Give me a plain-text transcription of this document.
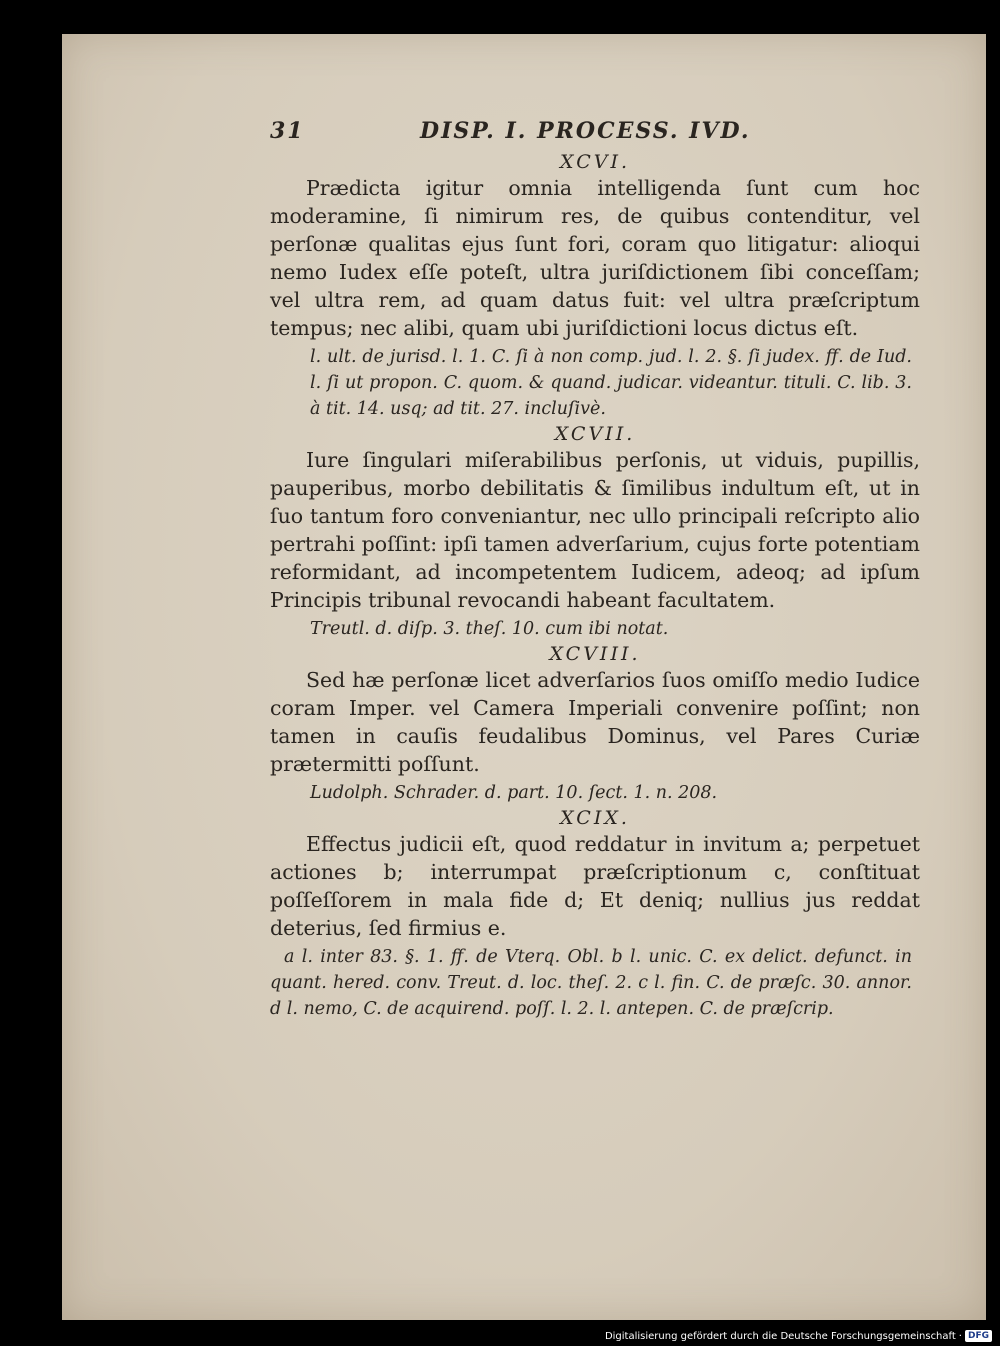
31	DISP. I. PROCESS. IVD.
XCVI.

Prædicta igitur omnia intelligenda ſunt cum hoc moderamine, ſi nimirum res, de quibus contenditur, vel perſonæ qualitas ejus ſunt fori, coram quo litigatur: alioqui nemo Iudex eſſe poteſt, ultra juriſdictionem ſibi conceſſam; vel ultra rem, ad quam datus fuit: vel ultra præſcriptum tempus; nec alibi, quam ubi juriſdictioni locus dictus eſt.

l. ult. de jurisd. l. 1. C. ſi à non comp. jud. l. 2. §. ſi judex. ff. de Iud. l. ſi ut propon. C. quom. & quand. judicar. videantur. tituli. C. lib. 3. à tit. 14. usq; ad tit. 27. incluſivè.

XCVII.

Iure ſingulari miſerabilibus perſonis, ut viduis, pupillis, pauperibus, morbo debilitatis & ſimilibus indultum eſt, ut in ſuo tantum foro conveniantur, nec ullo principali reſcripto alio pertrahi poſſint: ipſi tamen adverſarium, cujus forte potentiam reformidant, ad incompetentem Iudicem, adeoq; ad ipſum Principis tribunal revocandi habeant facultatem.

Treutl. d. diſp. 3. theſ. 10. cum ibi notat.

XCVIII.

Sed hæ perſonæ licet adverſarios ſuos omiſſo medio Iudice coram Imper. vel Camera Imperiali convenire poſſint; non tamen in cauſis feudalibus Dominus, vel Pares Curiæ prætermitti poſſunt.

Ludolph. Schrader. d. part. 10. ſect. 1. n. 208.

XCIX.

Effectus judicii eſt, quod reddatur in invitum a; perpetuet actiones b; interrumpat præſcriptionum c, conſtituat poſſeſſorem in mala fide d; Et deniq; nullius jus reddat deterius, ſed firmius e.

a l. inter 83. §. 1. ff. de Vterq. Obl. b l. unic. C. ex delict. defunct. in quant. hered. conv. Treut. d. loc. theſ. 2. c l. fin. C. de præſc. 30. annor. d l. nemo, C. de acquirend. poſſ. l. 2. l. antepen. C. de præſcrip.

Digitalisierung gefördert durch die Deutsche Forschungsgemeinschaft · DFG
